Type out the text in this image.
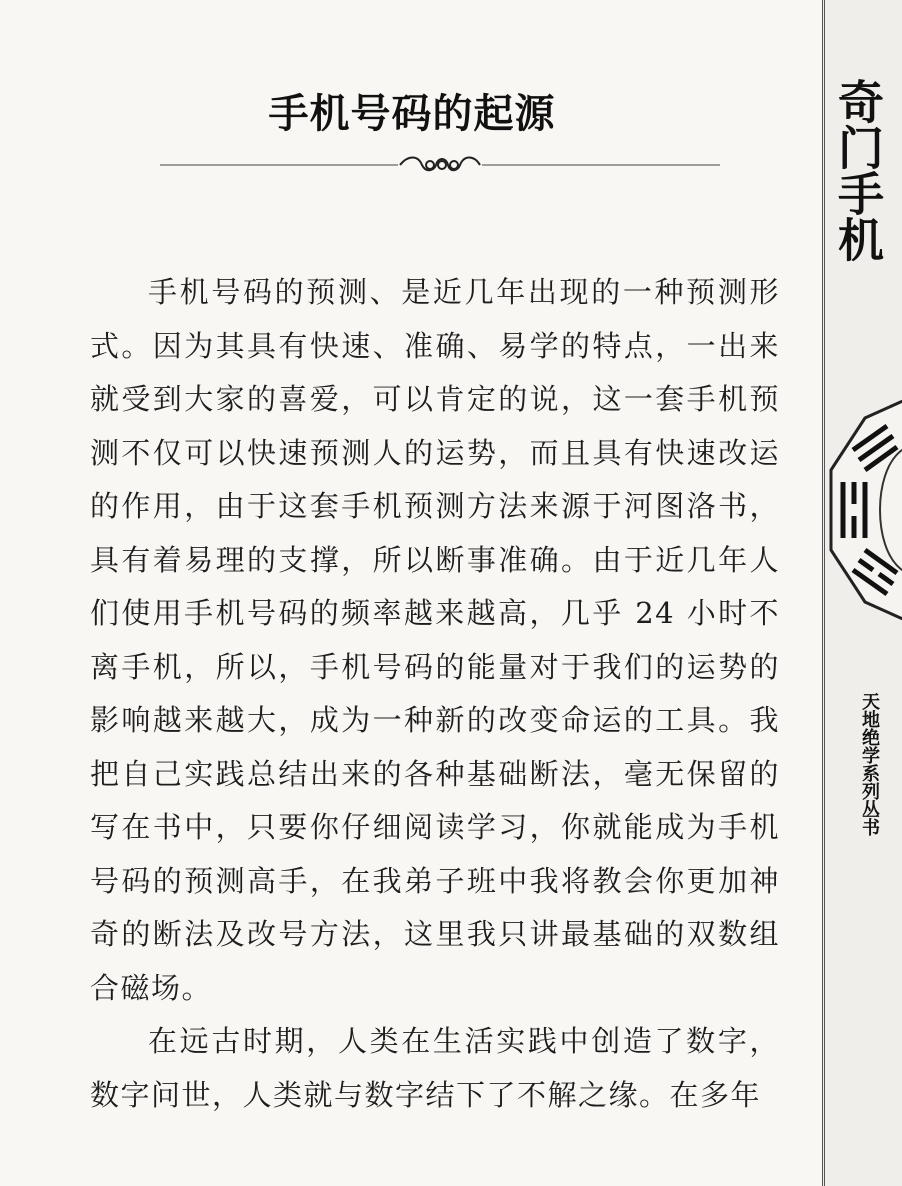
手机号码的起源

手机号码的预测、是近几年出现的一种预测形式。因为其具有快速、准确、易学的特点，一出来就受到大家的喜爱，可以肯定的说，这一套手机预测不仅可以快速预测人的运势，而且具有快速改运的作用，由于这套手机预测方法来源于河图洛书，具有着易理的支撑，所以断事准确。由于近几年人们使用手机号码的频率越来越高，几乎 24 小时不离手机，所以，手机号码的能量对于我们的运势的影响越来越大，成为一种新的改变命运的工具。我把自己实践总结出来的各种基础断法，毫无保留的写在书中，只要你仔细阅读学习，你就能成为手机号码的预测高手，在我弟子班中我将教会你更加神奇的断法及改号方法，这里我只讲最基础的双数组合磁场。

在远古时期，人类在生活实践中创造了数字，数字问世，人类就与数字结下了不解之缘。在多年

奇门手机
天地绝学系列丛书
